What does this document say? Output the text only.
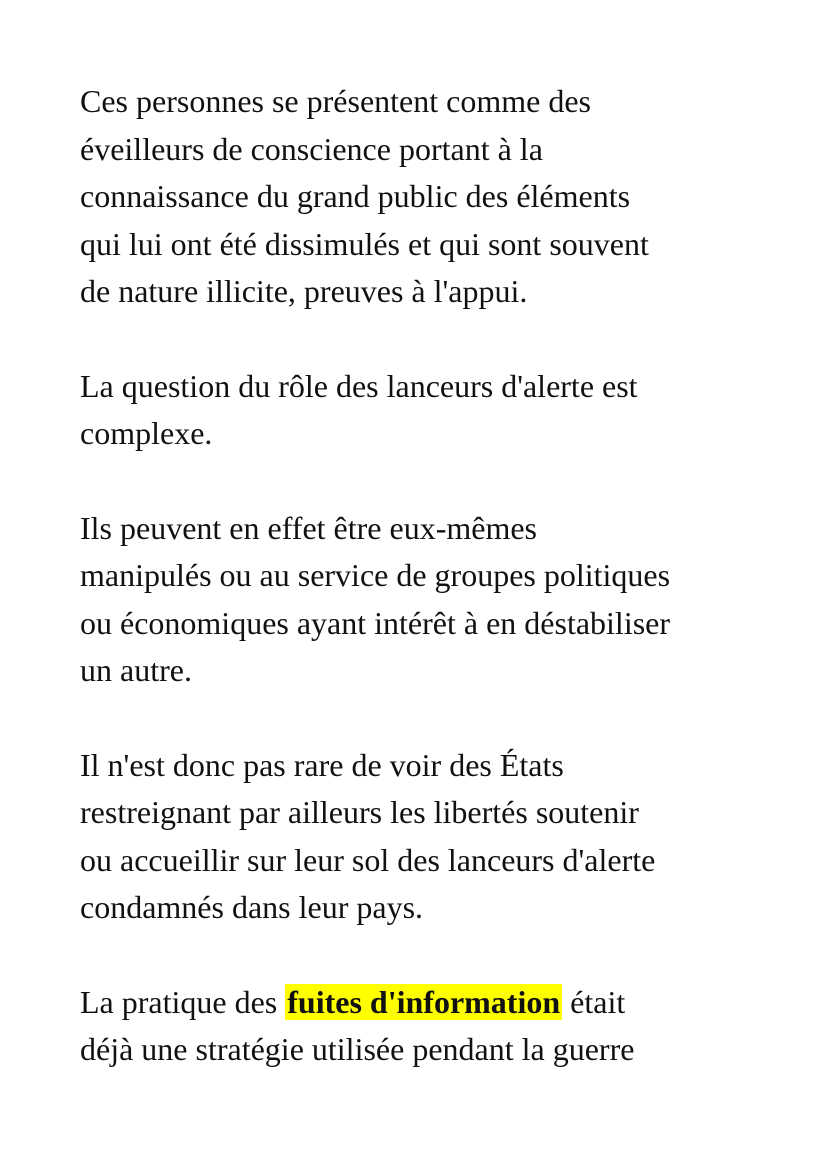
Ces personnes se présentent comme des
éveilleurs de conscience portant à la
connaissance du grand public des éléments
qui lui ont été dissimulés et qui sont souvent
de nature illicite, preuves à l'appui.

La question du rôle des lanceurs d'alerte est
complexe.

Ils peuvent en effet être eux-mêmes
manipulés ou au service de groupes politiques
ou économiques ayant intérêt à en déstabiliser
un autre.

Il n'est donc pas rare de voir des États
restreignant par ailleurs les libertés soutenir
ou accueillir sur leur sol des lanceurs d'alerte
condamnés dans leur pays.

La pratique des fuites d'information était
déjà une stratégie utilisée pendant la guerre
